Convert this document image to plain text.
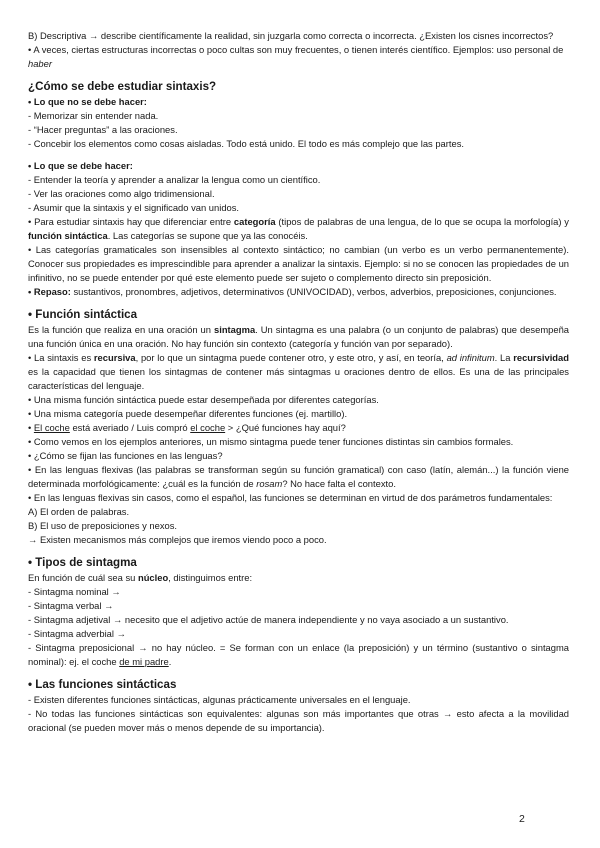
B) Descriptiva → describe científicamente la realidad, sin juzgarla como correcta o incorrecta. ¿Existen los cisnes incorrectos?

• A veces, ciertas estructuras incorrectas o poco cultas son muy frecuentes, o tienen interés científico. Ejemplos: uso personal de haber

¿Cómo se debe estudiar sintaxis?

• Lo que no se debe hacer:

- Memorizar sin entender nada.

- “Hacer preguntas” a las oraciones.

- Concebir los elementos como cosas aisladas. Todo está unido. El todo es más complejo que las partes.

• Lo que se debe hacer:

- Entender la teoría y aprender a analizar la lengua como un científico.

- Ver las oraciones como algo tridimensional.

- Asumir que la sintaxis y el significado van unidos.

• Para estudiar sintaxis hay que diferenciar entre categoría (tipos de palabras de una lengua, de lo que se ocupa la morfología) y función sintáctica. Las categorías se supone que ya las conocéis.

• Las categorías gramaticales son insensibles al contexto sintáctico; no cambian (un verbo es un verbo permanentemente). Conocer sus propiedades es imprescindible para aprender a analizar la sintaxis. Ejemplo: si no se conocen las propiedades de un infinitivo, no se puede entender por qué este elemento puede ser sujeto o complemento directo sin preposición.

• Repaso: sustantivos, pronombres, adjetivos, determinativos (UNIVOCIDAD), verbos, adverbios, preposiciones, conjunciones.

• Función sintáctica

Es la función que realiza en una oración un sintagma. Un sintagma es una palabra (o un conjunto de palabras) que desempeña una función única en una oración. No hay función sin contexto (categoría y función van por separado).

• La sintaxis es recursiva, por lo que un sintagma puede contener otro, y este otro, y así, en teoría, ad infinitum. La recursividad es la capacidad que tienen los sintagmas de contener más sintagmas u oraciones dentro de ellos. Es una de las principales características del lenguaje.

• Una misma función sintáctica puede estar desempeñada por diferentes categorías.

• Una misma categoría puede desempeñar diferentes funciones (ej. martillo).

• El coche está averiado / Luis compró el coche > ¿Qué funciones hay aquí?

• Como vemos en los ejemplos anteriores, un mismo sintagma puede tener funciones distintas sin cambios formales.

• ¿Cómo se fijan las funciones en las lenguas?

• En las lenguas flexivas (las palabras se transforman según su función gramatical) con caso (latín, alemán...) la función viene determinada morfológicamente: ¿cuál es la función de rosam? No hace falta el contexto.

• En las lenguas flexivas sin casos, como el español, las funciones se determinan en virtud de dos parámetros fundamentales:

A) El orden de palabras.

B) El uso de preposiciones y nexos.

→ Existen mecanismos más complejos que iremos viendo poco a poco.

• Tipos de sintagma

En función de cuál sea su núcleo, distinguimos entre:

- Sintagma nominal →

- Sintagma verbal →

- Sintagma adjetival → necesito que el adjetivo actúe de manera independiente y no vaya asociado a un sustantivo.

- Sintagma adverbial →

- Sintagma preposicional → no hay núcleo. = Se forman con un enlace (la preposición) y un término (sustantivo o sintagma nominal): ej. el coche de mi padre.

• Las funciones sintácticas

- Existen diferentes funciones sintácticas, algunas prácticamente universales en el lenguaje.

- No todas las funciones sintácticas son equivalentes: algunas son más importantes que otras → esto afecta a la movilidad oracional (se pueden mover más o menos depende de su importancia).

2
